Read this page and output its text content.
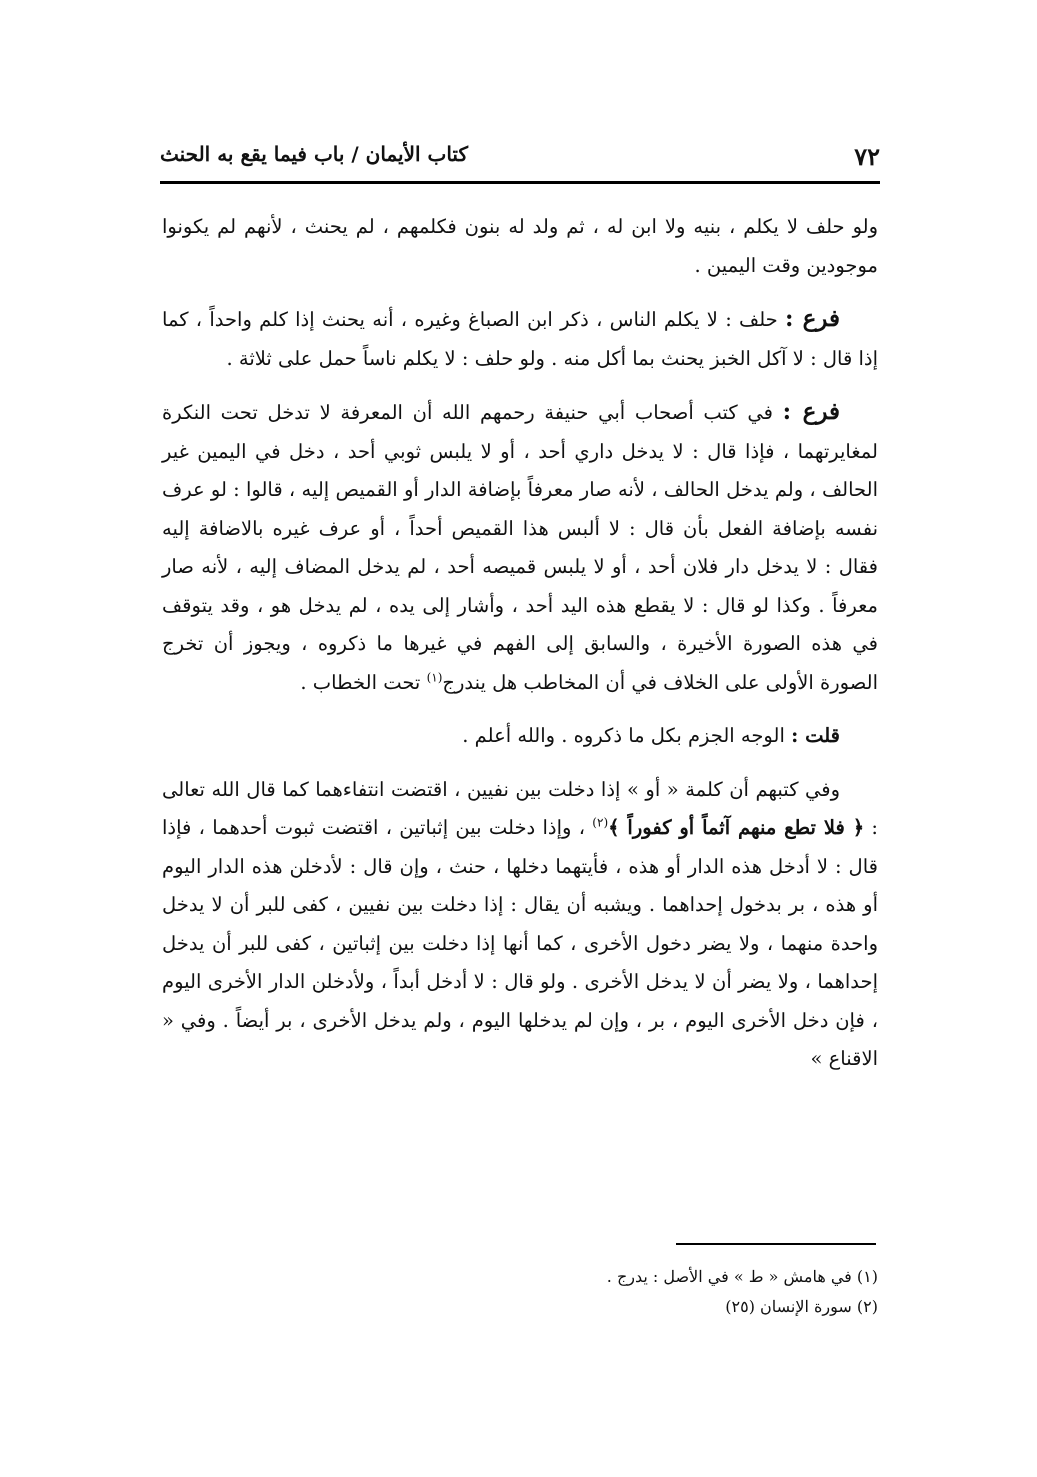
٧٢
كتاب الأيمان / باب فيما يقع به الحنث

ولو حلف لا يكلم ، بنيه ولا ابن له ، ثم ولد له بنون فكلمهم ، لم يحنث ، لأنهم لم يكونوا موجودين وقت اليمين .

فرع : حلف : لا يكلم الناس ، ذكر ابن الصباغ وغيره ، أنه يحنث إذا كلم واحداً ، كما إذا قال : لا آكل الخبز يحنث بما أكل منه . ولو حلف : لا يكلم ناساً حمل على ثلاثة .

فرع : في كتب أصحاب أبي حنيفة رحمهم الله أن المعرفة لا تدخل تحت النكرة لمغايرتهما ، فإذا قال : لا يدخل داري أحد ، أو لا يلبس ثوبي أحد ، دخل في اليمين غير الحالف ، ولم يدخل الحالف ، لأنه صار معرفاً بإضافة الدار أو القميص إليه ، قالوا : لو عرف نفسه بإضافة الفعل بأن قال : لا ألبس هذا القميص أحداً ، أو عرف غيره بالاضافة إليه فقال : لا يدخل دار فلان أحد ، أو لا يلبس قميصه أحد ، لم يدخل المضاف إليه ، لأنه صار معرفاً . وكذا لو قال : لا يقطع هذه اليد أحد ، وأشار إلى يده ، لم يدخل هو ، وقد يتوقف في هذه الصورة الأخيرة ، والسابق إلى الفهم في غيرها ما ذكروه ، ويجوز أن تخرج الصورة الأولى على الخلاف في أن المخاطب هل يندرج$^{(١)}$ تحت الخطاب .

قلت : الوجه الجزم بكل ما ذكروه . والله أعلم .

وفي كتبهم أن كلمة « أو » إذا دخلت بين نفيين ، اقتضت انتفاءهما كما قال الله تعالى : ﴿ فلا تطع منهم آثماً أو كفوراً ﴾$^{(٢)}$ ، وإذا دخلت بين إثباتين ، اقتضت ثبوت أحدهما ، فإذا قال : لا أدخل هذه الدار أو هذه ، فأيتهما دخلها ، حنث ، وإن قال : لأدخلن هذه الدار اليوم أو هذه ، بر بدخول إحداهما . ويشبه أن يقال : إذا دخلت بين نفيين ، كفى للبر أن لا يدخل واحدة منهما ، ولا يضر دخول الأخرى ، كما أنها إذا دخلت بين إثباتين ، كفى للبر أن يدخل إحداهما ، ولا يضر أن لا يدخل الأخرى . ولو قال : لا أدخل أبداً ، ولأدخلن الدار الأخرى اليوم ، فإن دخل الأخرى اليوم ، بر ، وإن لم يدخلها اليوم ، ولم يدخل الأخرى ، بر أيضاً . وفي « الاقناع »

(١) في هامش « ط » في الأصل : يدرج .
(٢) سورة الإنسان (٢٥)
